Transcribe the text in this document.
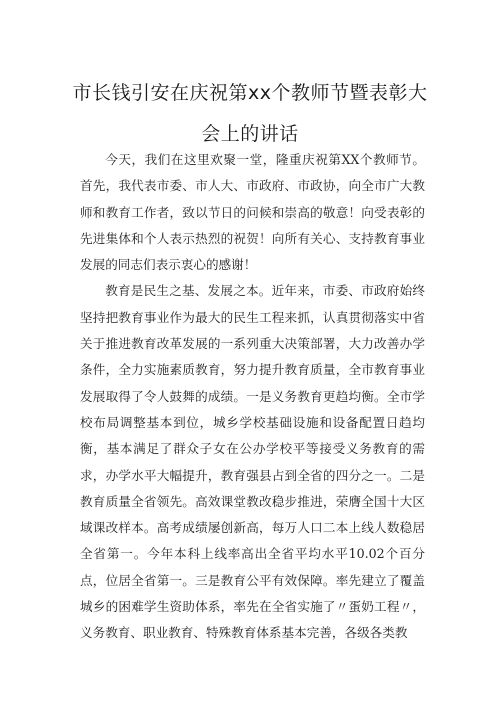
市长钱引安在庆祝第xx个教师节暨表彰大
会上的讲话

今天，我们在这里欢聚一堂，隆重庆祝第XX个教师节。首先，我代表市委、市人大、市政府、市政协，向全市广大教师和教育工作者，致以节日的问候和崇高的敬意！向受表彰的先进集体和个人表示热烈的祝贺！向所有关心、支持教育事业发展的同志们表示衷心的感谢！

教育是民生之基、发展之本。近年来，市委、市政府始终坚持把教育事业作为最大的民生工程来抓，认真贯彻落实中省关于推进教育改革发展的一系列重大决策部署，大力改善办学条件，全力实施素质教育，努力提升教育质量，全市教育事业发展取得了令人鼓舞的成绩。一是义务教育更趋均衡。全市学校布局调整基本到位，城乡学校基础设施和设备配置日趋均衡，基本满足了群众子女在公办学校平等接受义务教育的需求，办学水平大幅提升，教育强县占到全省的四分之一。二是教育质量全省领先。高效课堂教改稳步推进，荣膺全国十大区域课改样本。高考成绩屡创新高，每万人口二本上线人数稳居全省第一。今年本科上线率高出全省平均水平10.02个百分点，位居全省第一。三是教育公平有效保障。率先建立了覆盖城乡的困难学生资助体系，率先在全省实施了〃蛋奶工程〃，义务教育、职业教育、特殊教育体系基本完善，各级各类教
